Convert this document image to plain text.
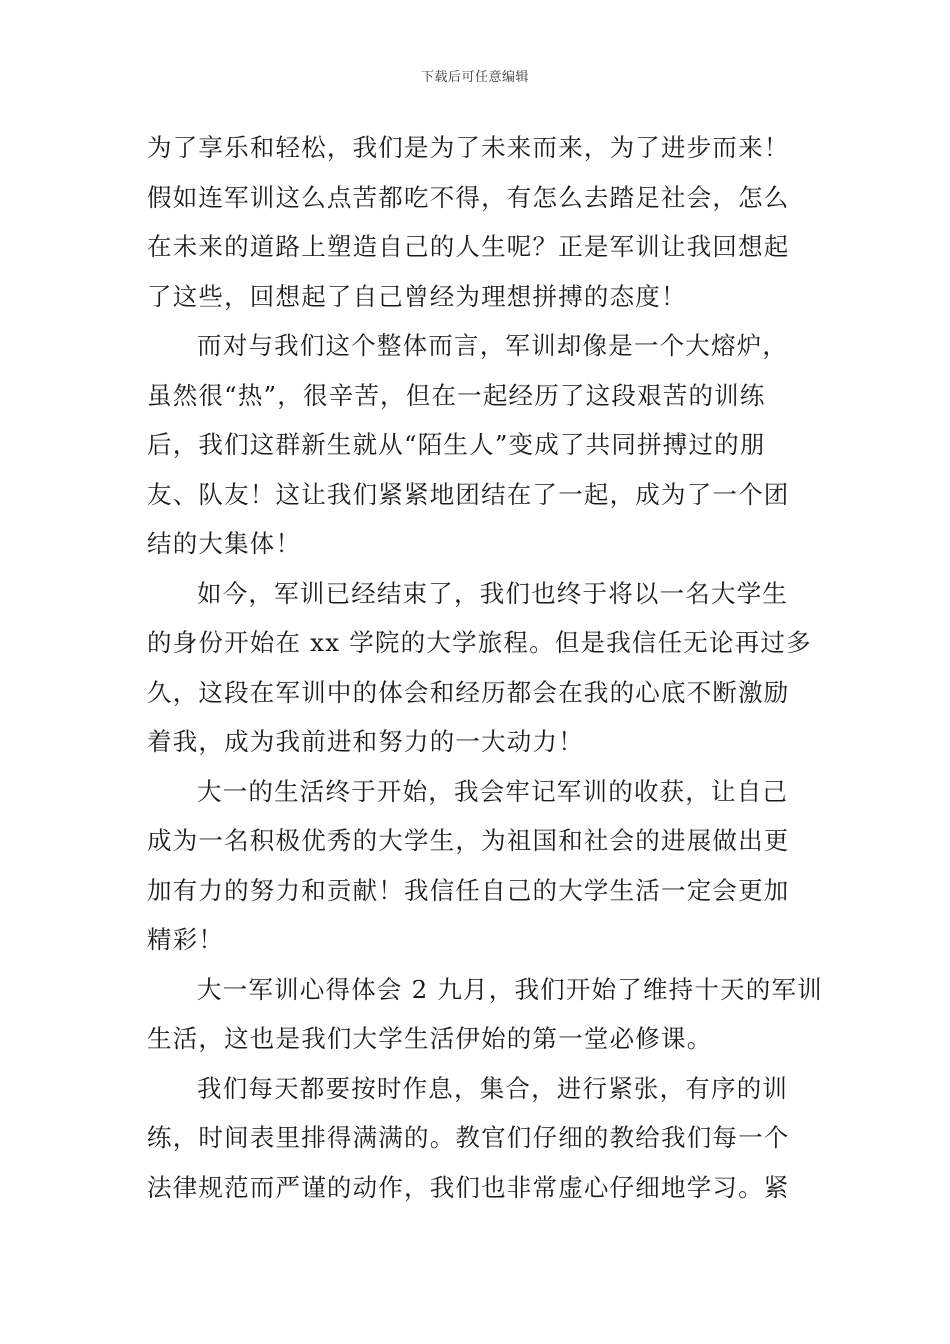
下载后可任意编辑
为了享乐和轻松，我们是为了未来而来，为了进步而来！
假如连军训这么点苦都吃不得，有怎么去踏足社会，怎么
在未来的道路上塑造自己的人生呢？正是军训让我回想起
了这些，回想起了自己曾经为理想拼搏的态度！
而对与我们这个整体而言，军训却像是一个大熔炉，
虽然很“热”，很辛苦，但在一起经历了这段艰苦的训练
后，我们这群新生就从“陌生人”变成了共同拼搏过的朋
友、队友！这让我们紧紧地团结在了一起，成为了一个团
结的大集体！
如今，军训已经结束了，我们也终于将以一名大学生
的身份开始在 xx 学院的大学旅程。但是我信任无论再过多
久，这段在军训中的体会和经历都会在我的心底不断激励
着我，成为我前进和努力的一大动力！
大一的生活终于开始，我会牢记军训的收获，让自己
成为一名积极优秀的大学生，为祖国和社会的进展做出更
加有力的努力和贡献！我信任自己的大学生活一定会更加
精彩！
大一军训心得体会 2 九月，我们开始了维持十天的军训
生活，这也是我们大学生活伊始的第一堂必修课。
我们每天都要按时作息，集合，进行紧张，有序的训
练，时间表里排得满满的。教官们仔细的教给我们每一个
法律规范而严谨的动作，我们也非常虚心仔细地学习。紧
